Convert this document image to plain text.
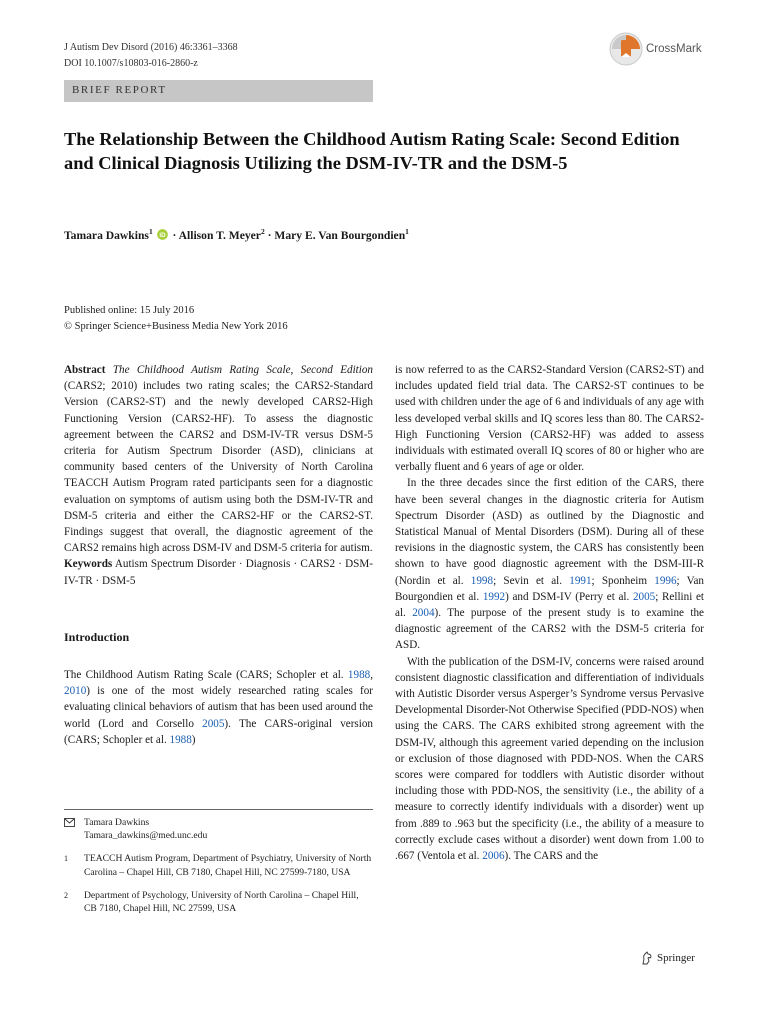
J Autism Dev Disord (2016) 46:3361–3368
DOI 10.1007/s10803-016-2860-z
CrossMark
BRIEF REPORT
The Relationship Between the Childhood Autism Rating Scale: Second Edition and Clinical Diagnosis Utilizing the DSM-IV-TR and the DSM-5
Tamara Dawkins$^1$ iD · Allison T. Meyer$^2$ · Mary E. Van Bourgondien$^1$
Published online: 15 July 2016
© Springer Science+Business Media New York 2016

Abstract The Childhood Autism Rating Scale, Second Edition (CARS2; 2010) includes two rating scales; the CARS2-Standard Version (CARS2-ST) and the newly developed CARS2-High Functioning Version (CARS2-HF). To assess the diagnostic agreement between the CARS2 and DSM-IV-TR versus DSM-5 criteria for Autism Spectrum Disorder (ASD), clinicians at community based centers of the University of North Carolina TEACCH Autism Program rated participants seen for a diagnostic evaluation on symptoms of autism using both the DSM-IV-TR and DSM-5 criteria and either the CARS2-HF or the CARS2-ST. Findings suggest that overall, the diagnostic agreement of the CARS2 remains high across DSM-IV and DSM-5 criteria for autism.

Keywords Autism Spectrum Disorder · Diagnosis · CARS2 · DSM-IV-TR · DSM-5

Introduction

The Childhood Autism Rating Scale (CARS; Schopler et al. 1988, 2010) is one of the most widely researched rating scales for evaluating clinical behaviors of autism that has been used around the world (Lord and Corsello 2005). The CARS-original version (CARS; Schopler et al. 1988)

is now referred to as the CARS2-Standard Version (CARS2-ST) and includes updated field trial data. The CARS2-ST continues to be used with children under the age of 6 and individuals of any age with less developed verbal skills and IQ scores less than 80. The CARS2-High Functioning Version (CARS2-HF) was added to assess individuals with estimated overall IQ scores of 80 or higher who are verbally fluent and 6 years of age or older.

In the three decades since the first edition of the CARS, there have been several changes in the diagnostic criteria for Autism Spectrum Disorder (ASD) as outlined by the Diagnostic and Statistical Manual of Mental Disorders (DSM). During all of these revisions in the diagnostic system, the CARS has consistently been shown to have good diagnostic agreement with the DSM-III-R (Nordin et al. 1998; Sevin et al. 1991; Sponheim 1996; Van Bourgondien et al. 1992) and DSM-IV (Perry et al. 2005; Rellini et al. 2004). The purpose of the present study is to examine the diagnostic agreement of the CARS2 with the DSM-5 criteria for ASD.

With the publication of the DSM-IV, concerns were raised around consistent diagnostic classification and differentiation of individuals with Autistic Disorder versus Asperger’s Syndrome versus Pervasive Developmental Disorder-Not Otherwise Specified (PDD-NOS) when using the CARS. The CARS exhibited strong agreement with the DSM-IV, although this agreement varied depending on the inclusion or exclusion of those diagnosed with PDD-NOS. When the CARS scores were compared for toddlers with Autistic disorder without including those with PDD-NOS, the sensitivity (i.e., the ability of a measure to correctly identify individuals with a disorder) went up from .889 to .963 but the specificity (i.e., the ability of a measure to correctly exclude cases without a disorder) went down from 1.00 to .667 (Ventola et al. 2006). The CARS and the

Tamara Dawkins
Tamara_dawkins@med.unc.edu
1	TEACCH Autism Program, Department of Psychiatry, University of North Carolina – Chapel Hill, CB 7180, Chapel Hill, NC 27599-7180, USA
2	Department of Psychology, University of North Carolina – Chapel Hill, CB 7180, Chapel Hill, NC 27599, USA
Springer
